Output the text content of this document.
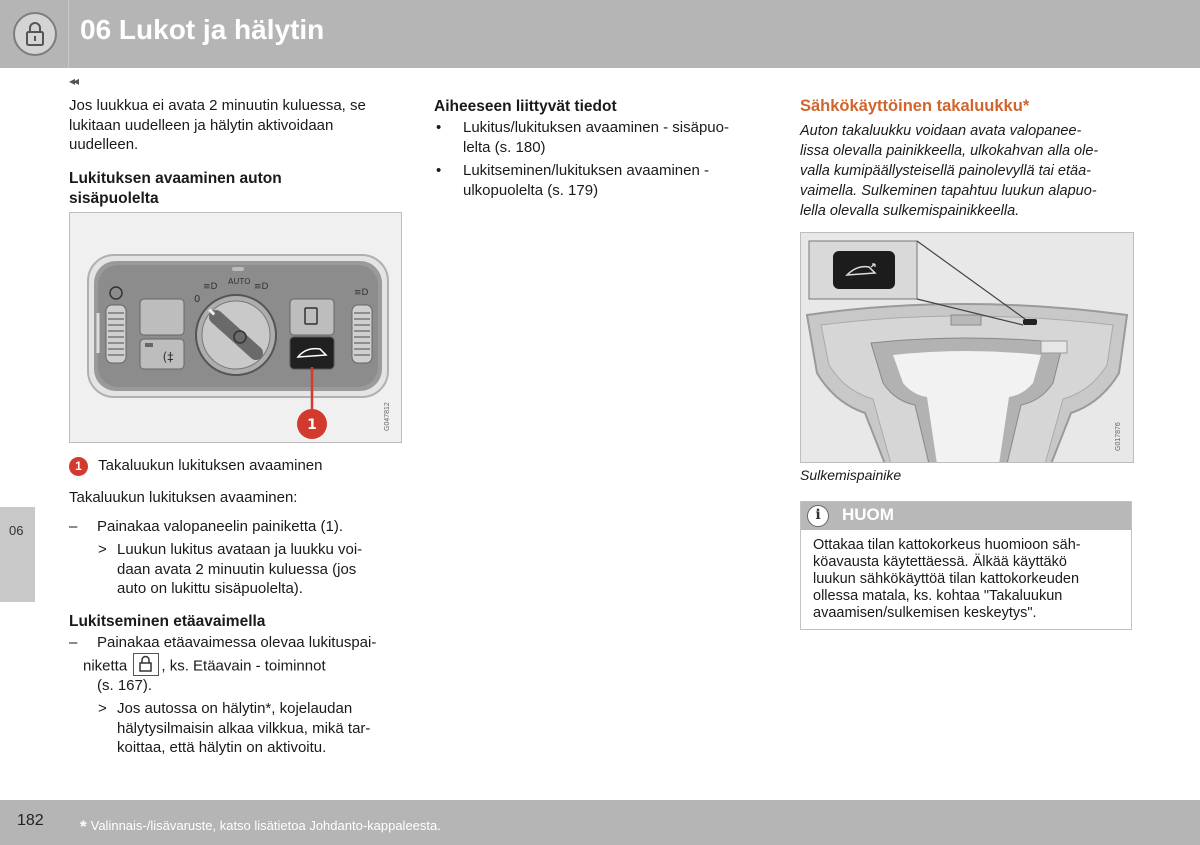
06 Lukot ja hälytin
◂◂
06
Jos luukkua ei avata 2 minuutin kuluessa, se
lukitaan uudelleen ja hälytin aktivoidaan
uudelleen.
Lukituksen avaaminen auton
sisäpuolelta
(‡
≡D
0
AUTO
≡D
≡D
1	G047812
1 Takaluukun lukituksen avaaminen
Takaluukun lukituksen avaaminen:
– Painakaa valopaneelin painiketta (1).
> Luukun lukitus avataan ja luukku voi-
daan avata 2 minuutin kuluessa (jos
auto on lukittu sisäpuolelta).
Lukitseminen etäavaimella
– Painakaa etäavaimessa olevaa lukituspai-
niketta , ks. Etäavain - toiminnot
(s. 167).
> Jos autossa on hälytin*, kojelaudan
hälytysilmaisin alkaa vilkkua, mikä tar-
koittaa, että hälytin on aktivoitu.
Aiheeseen liittyvät tiedot
• Lukitus/lukituksen avaaminen - sisäpuo-
lelta (s. 180)
• Lukitseminen/lukituksen avaaminen -
ulkopuolelta (s. 179)
Sähkökäyttöinen takaluukku*
Auton takaluukku voidaan avata valopanee-
lissa olevalla painikkeella, ulkokahvan alla ole-
valla kumipäällysteisellä painolevyllä tai etäa-
vaimella. Sulkeminen tapahtuu luukun alapuo-
lella olevalla sulkemispainikkeella.
G017876
Sulkemispainike
i	HUOM
Ottakaa tilan kattokorkeus huomioon säh-
köavausta käytettäessä. Älkää käyttäkö
luukun sähkökäyttöä tilan kattokorkeuden
ollessa matala, ks. kohtaa "Takaluukun
avaamisen/sulkemisen keskeytys".
182 * Valinnais-/lisävaruste, katso lisätietoa Johdanto-kappaleesta.
